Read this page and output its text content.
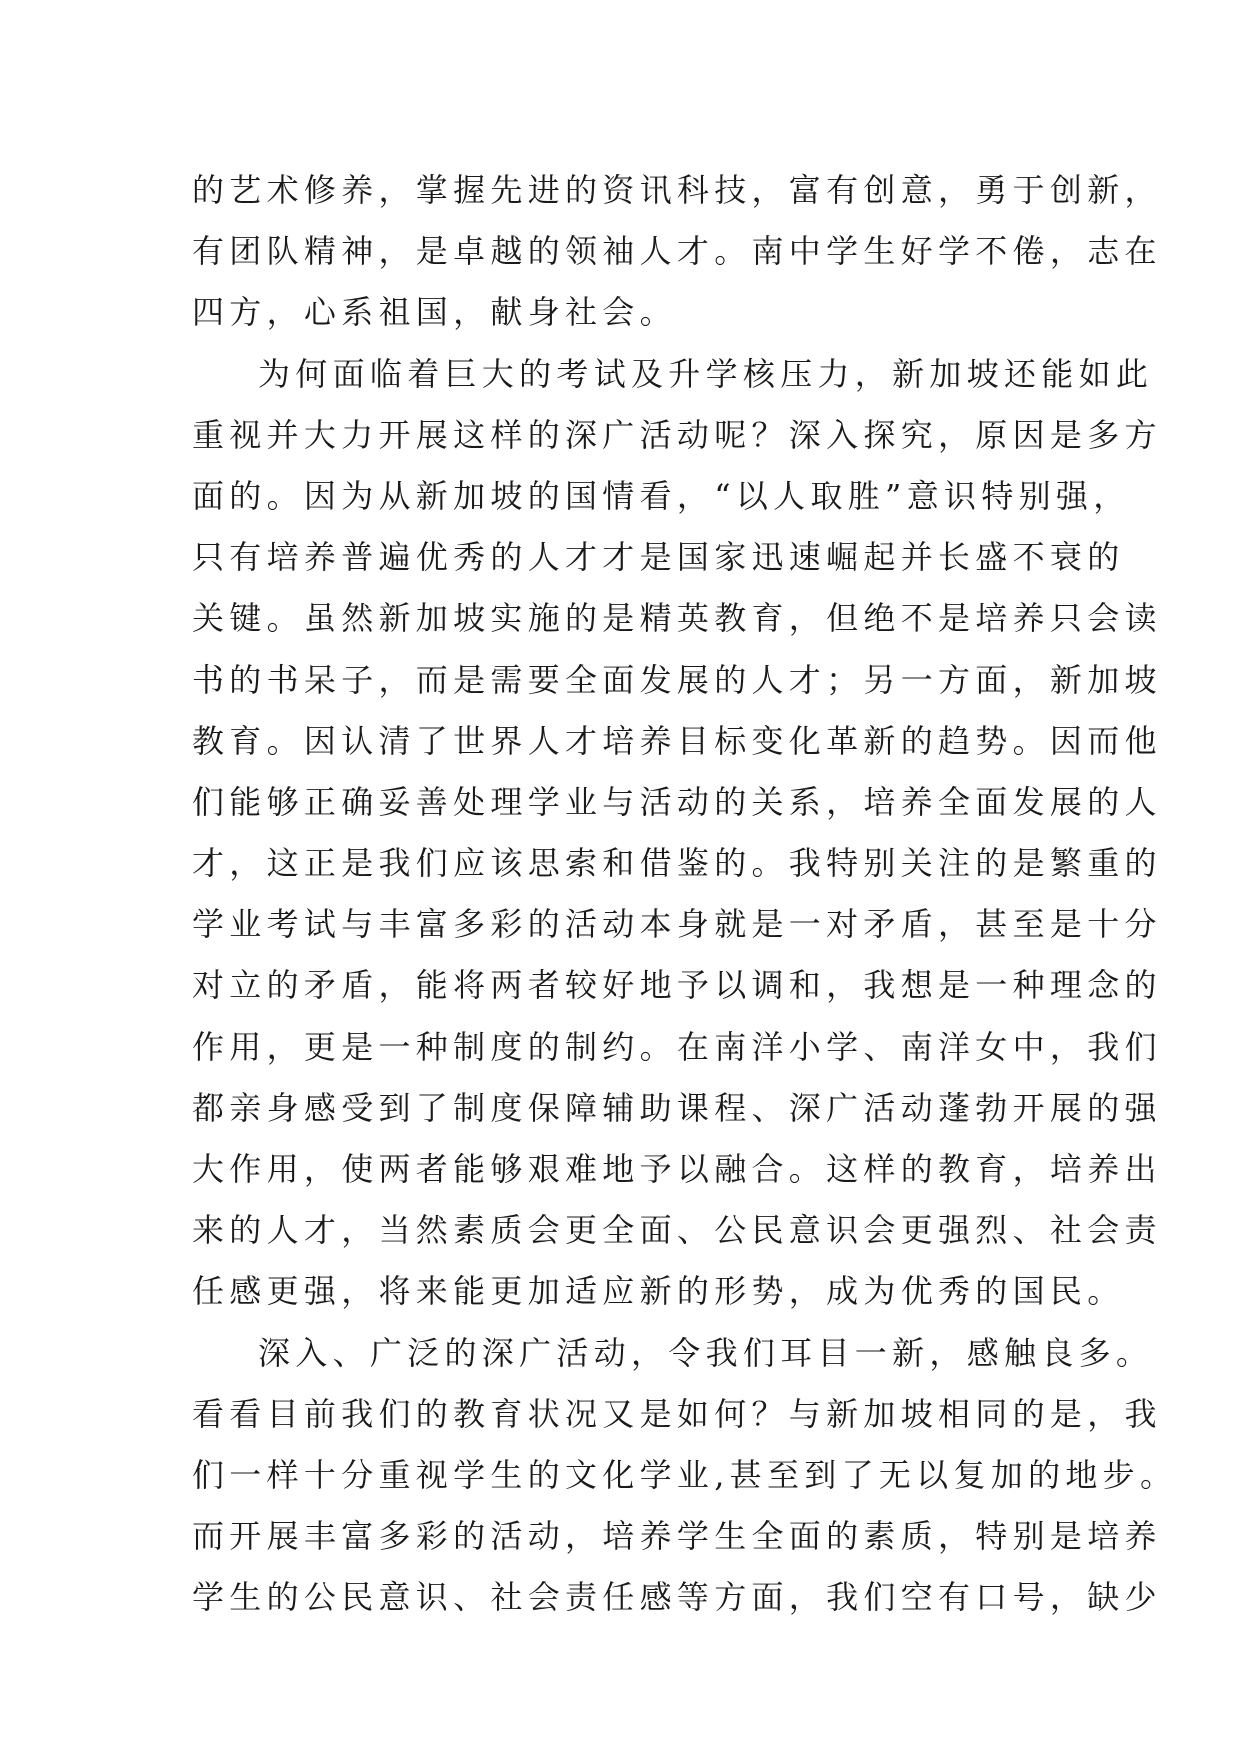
的艺术修养，掌握先进的资讯科技，富有创意，勇于创新，
有团队精神，是卓越的领袖人才。南中学生好学不倦，志在
四方，心系祖国，献身社会。
为何面临着巨大的考试及升学核压力，新加坡还能如此
重视并大力开展这样的深广活动呢？深入探究，原因是多方
面的。因为从新加坡的国情看，“以人取胜”意识特别强，
只有培养普遍优秀的人才才是国家迅速崛起并长盛不衰的
关键。虽然新加坡实施的是精英教育，但绝不是培养只会读
书的书呆子，而是需要全面发展的人才；另一方面，新加坡
教育。因认清了世界人才培养目标变化革新的趋势。因而他
们能够正确妥善处理学业与活动的关系，培养全面发展的人
才，这正是我们应该思索和借鉴的。我特别关注的是繁重的
学业考试与丰富多彩的活动本身就是一对矛盾，甚至是十分
对立的矛盾，能将两者较好地予以调和，我想是一种理念的
作用，更是一种制度的制约。在南洋小学、南洋女中，我们
都亲身感受到了制度保障辅助课程、深广活动蓬勃开展的强
大作用，使两者能够艰难地予以融合。这样的教育，培养出
来的人才，当然素质会更全面、公民意识会更强烈、社会责
任感更强，将来能更加适应新的形势，成为优秀的国民。
深入、广泛的深广活动，令我们耳目一新，感触良多。
看看目前我们的教育状况又是如何？与新加坡相同的是，我
们一样十分重视学生的文化学业,甚至到了无以复加的地步。
而开展丰富多彩的活动，培养学生全面的素质，特别是培养
学生的公民意识、社会责任感等方面，我们空有口号，缺少
